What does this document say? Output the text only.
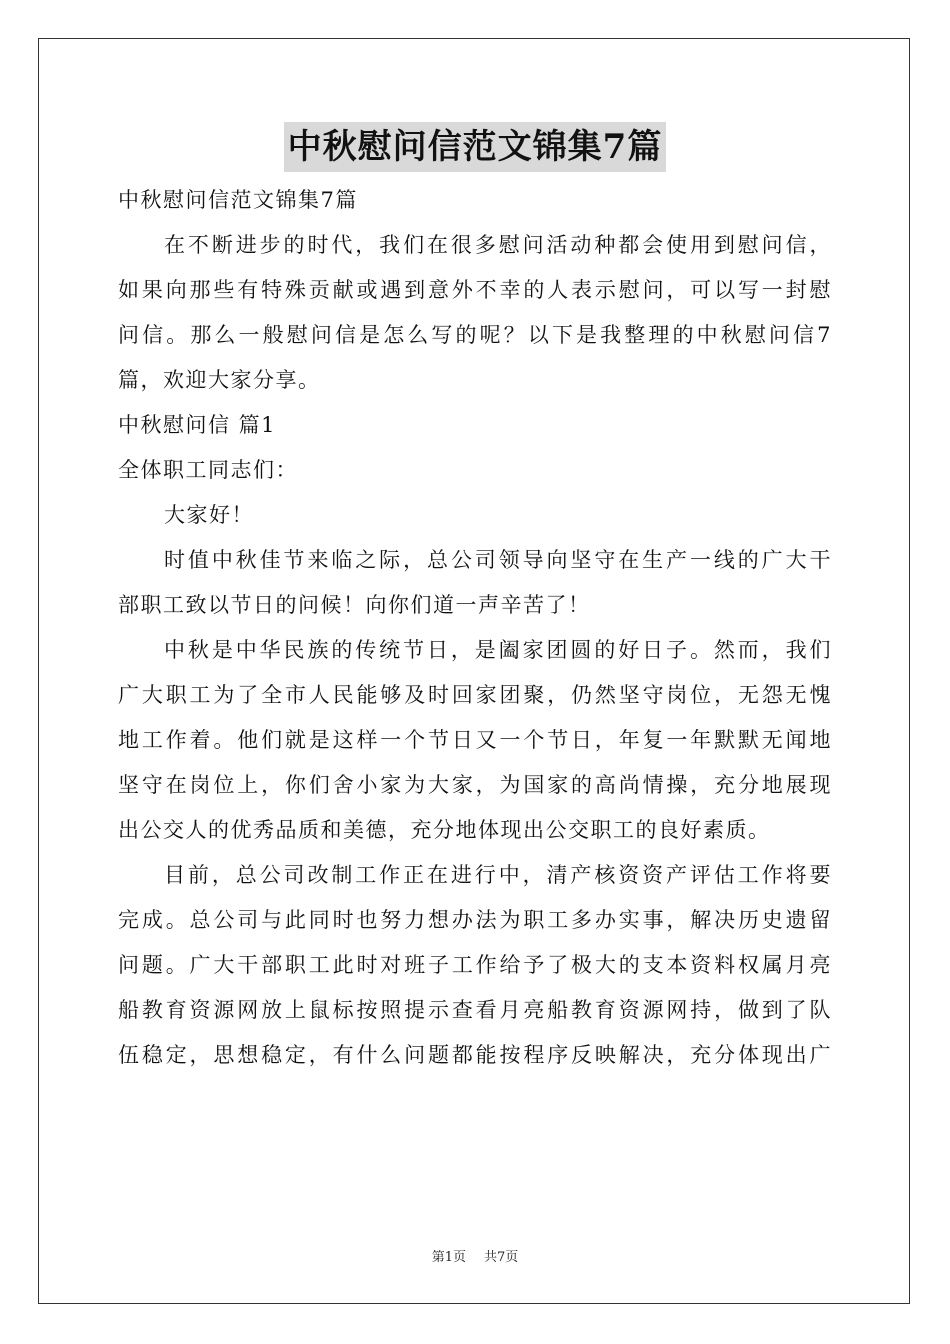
中秋慰问信范文锦集7篇
中秋慰问信范文锦集7篇
在不断进步的时代，我们在很多慰问活动种都会使用到慰问信，
如果向那些有特殊贡献或遇到意外不幸的人表示慰问，可以写一封慰
问信。那么一般慰问信是怎么写的呢？以下是我整理的中秋慰问信7
篇，欢迎大家分享。
中秋慰问信 篇1
全体职工同志们：
大家好！
时值中秋佳节来临之际，总公司领导向坚守在生产一线的广大干
部职工致以节日的问候！向你们道一声辛苦了！
中秋是中华民族的传统节日，是阖家团圆的好日子。然而，我们
广大职工为了全市人民能够及时回家团聚，仍然坚守岗位，无怨无愧
地工作着。他们就是这样一个节日又一个节日，年复一年默默无闻地
坚守在岗位上，你们舍小家为大家，为国家的高尚情操，充分地展现
出公交人的优秀品质和美德，充分地体现出公交职工的良好素质。
目前，总公司改制工作正在进行中，清产核资资产评估工作将要
完成。总公司与此同时也努力想办法为职工多办实事，解决历史遗留
问题。广大干部职工此时对班子工作给予了极大的支本资料权属月亮
船教育资源网放上鼠标按照提示查看月亮船教育资源网持，做到了队
伍稳定，思想稳定，有什么问题都能按程序反映解决，充分体现出广
第1页 共7页
